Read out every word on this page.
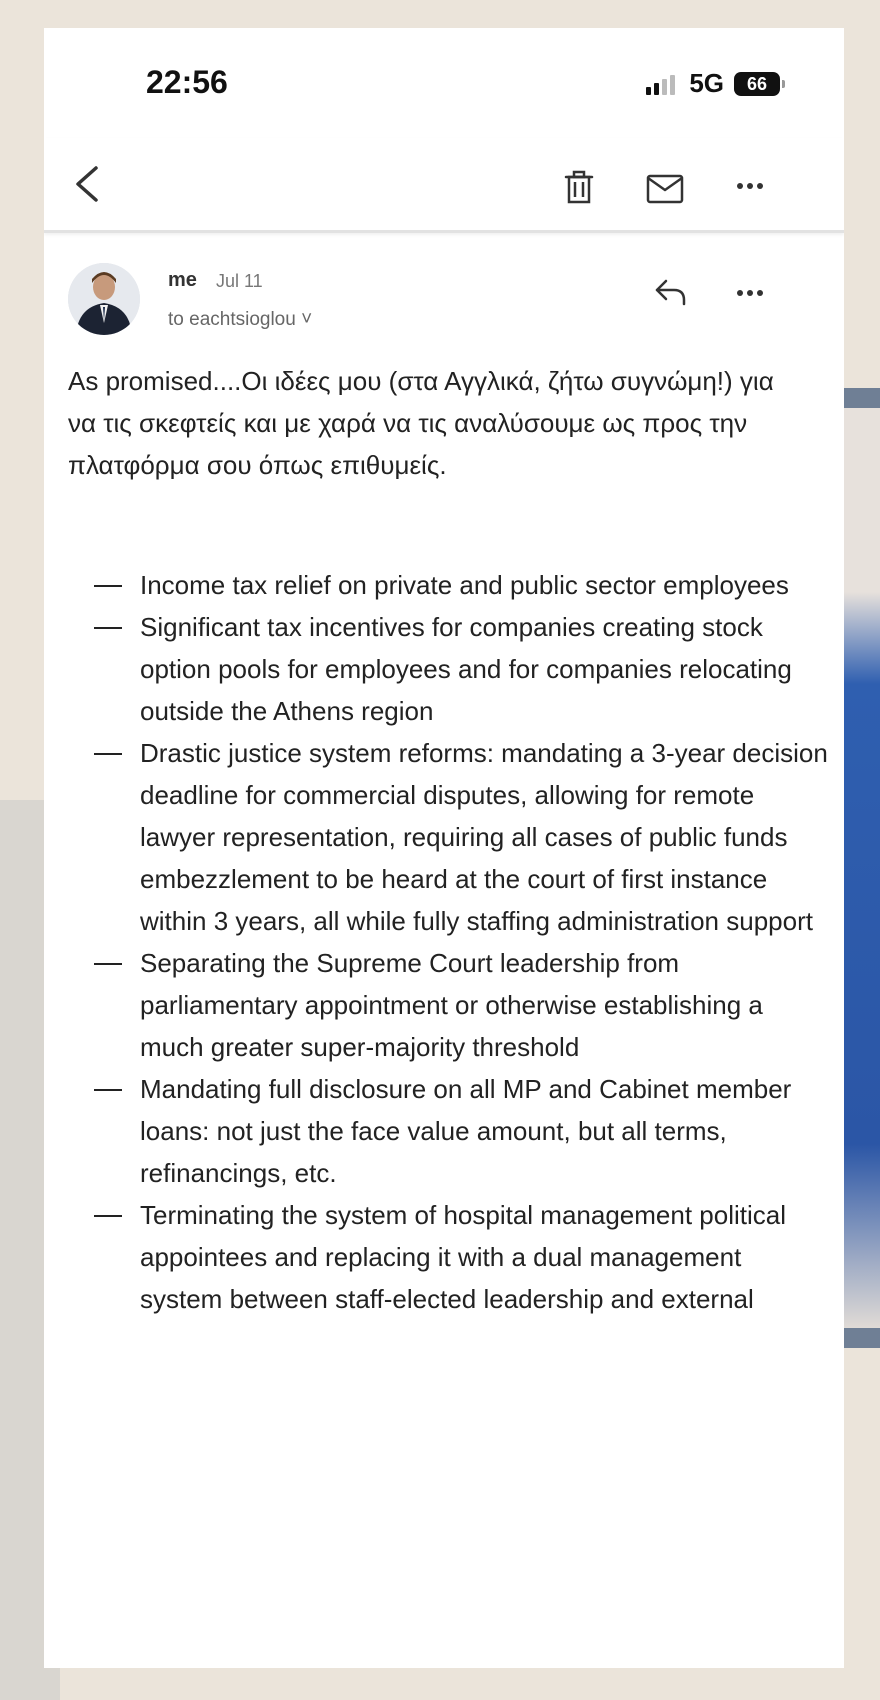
22:56	5G	66
me Jul 11
to eachtsioglou ˅
As promised....Οι ιδέες μου (στα Αγγλικά, ζήτω συγνώμη!) για να τις σκεφτείς και με χαρά να τις αναλύσουμε ως προς την πλατφόρμα σου όπως επιθυμείς.
Income tax relief on private and public sector employees
Significant tax incentives for companies creating stock option pools for employees and for companies relocating outside the Athens region
Drastic justice system reforms: mandating a 3-year decision deadline for commercial disputes, allowing for remote lawyer representation, requiring all cases of public funds embezzlement to be heard at the court of first instance within 3 years, all while fully staffing administration support
Separating the Supreme Court leadership from parliamentary appointment or otherwise establishing a much greater super-majority threshold
Mandating full disclosure on all MP and Cabinet member loans: not just the face value amount, but all terms, refinancings, etc.
Terminating the system of hospital management political appointees and replacing it with a dual management system between staff-elected leadership and external
